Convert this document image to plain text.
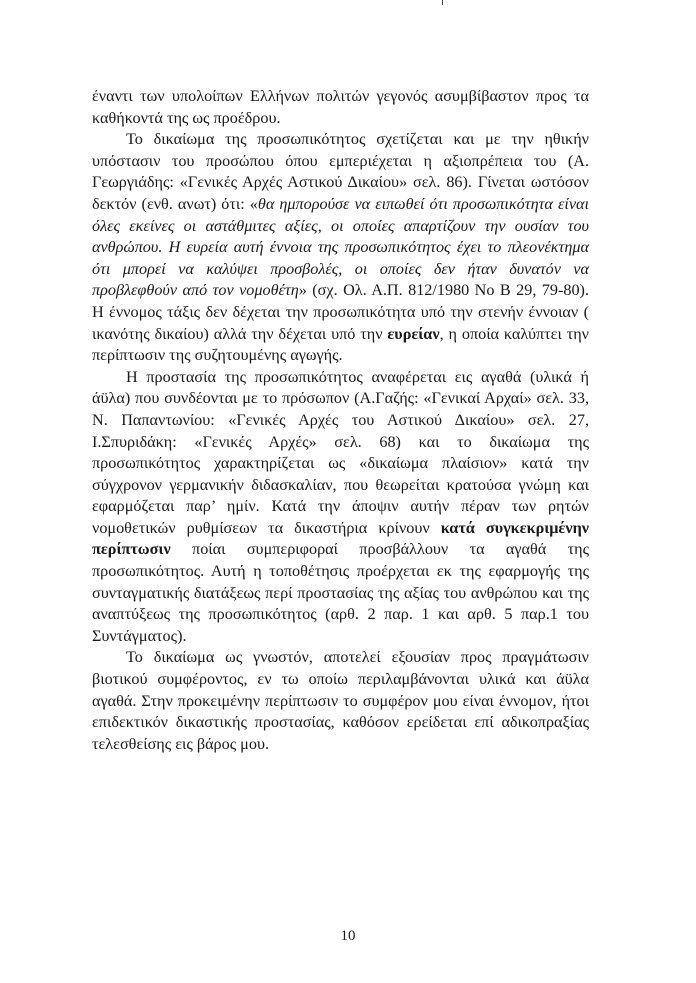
έναντι των υπολοίπων Ελλήνων πολιτών γεγονός ασυμβίβαστον προς τα καθήκοντά της ως προέδρου.

Το δικαίωμα της προσωπικότητος σχετίζεται και με την ηθικήν υπόστασιν του προσώπου όπου εμπεριέχεται η αξιοπρέπεια του (Α. Γεωργιάδης: «Γενικές Αρχές Αστικού Δικαίου» σελ. 86). Γίνεται ωστόσον δεκτόν (ενθ. ανωτ) ότι: «θα ημπορούσε να ειπωθεί ότι προσωπικότητα είναι όλες εκείνες οι αστάθμιτες αξίες, οι οποίες απαρτίζουν την ουσίαν του ανθρώπου. Η ευρεία αυτή έννοια της προσωπικότητος έχει το πλεονέκτημα ότι μπορεί να καλύψει προσβολές, οι οποίες δεν ήταν δυνατόν να προβλεφθούν από τον νομοθέτη» (σχ. Ολ. Α.Π. 812/1980 Νο Β 29, 79-80). Η έννομος τάξις δεν δέχεται την προσωπικότητα υπό την στενήν έννοιαν ( ικανότης δικαίου) αλλά την δέχεται υπό την ευρείαν, η οποία καλύπτει την περίπτωσιν της συζητουμένης αγωγής.

Η προστασία της προσωπικότητος αναφέρεται εις αγαθά (υλικά ή άϋλα) που συνδέονται με το πρόσωπον (Α.Γαζής: «Γενικαί Αρχαί» σελ. 33, Ν. Παπαντωνίου: «Γενικές Αρχές του Αστικού Δικαίου» σελ. 27, Ι.Σπυριδάκη: «Γενικές Αρχές» σελ. 68) και το δικαίωμα της προσωπικότητος χαρακτηρίζεται ως «δικαίωμα πλαίσιον» κατά την σύγχρονον γερμανικήν διδασκαλίαν, που θεωρείται κρατούσα γνώμη και εφαρμόζεται παρ’ ημίν. Κατά την άποψιν αυτήν πέραν των ρητών νομοθετικών ρυθμίσεων τα δικαστήρια κρίνουν κατά συγκεκριμένην περίπτωσιν ποίαι συμπεριφοραί προσβάλλουν τα αγαθά της προσωπικότητος. Αυτή η τοποθέτησις προέρχεται εκ της εφαρμογής της συνταγματικής διατάξεως περί προστασίας της αξίας του ανθρώπου και της αναπτύξεως της προσωπικότητος (αρθ. 2 παρ. 1 και αρθ. 5 παρ.1 του Συντάγματος).

Το δικαίωμα ως γνωστόν, αποτελεί εξουσίαν προς πραγμάτωσιν βιοτικού συμφέροντος, εν τω οποίω περιλαμβάνονται υλικά και άϋλα αγαθά. Στην προκειμένην περίπτωσιν το συμφέρον μου είναι έννομον, ήτοι επιδεκτικόν δικαστικής προστασίας, καθόσον ερείδεται επί αδικοπραξίας τελεσθείσης εις βάρος μου.

10
